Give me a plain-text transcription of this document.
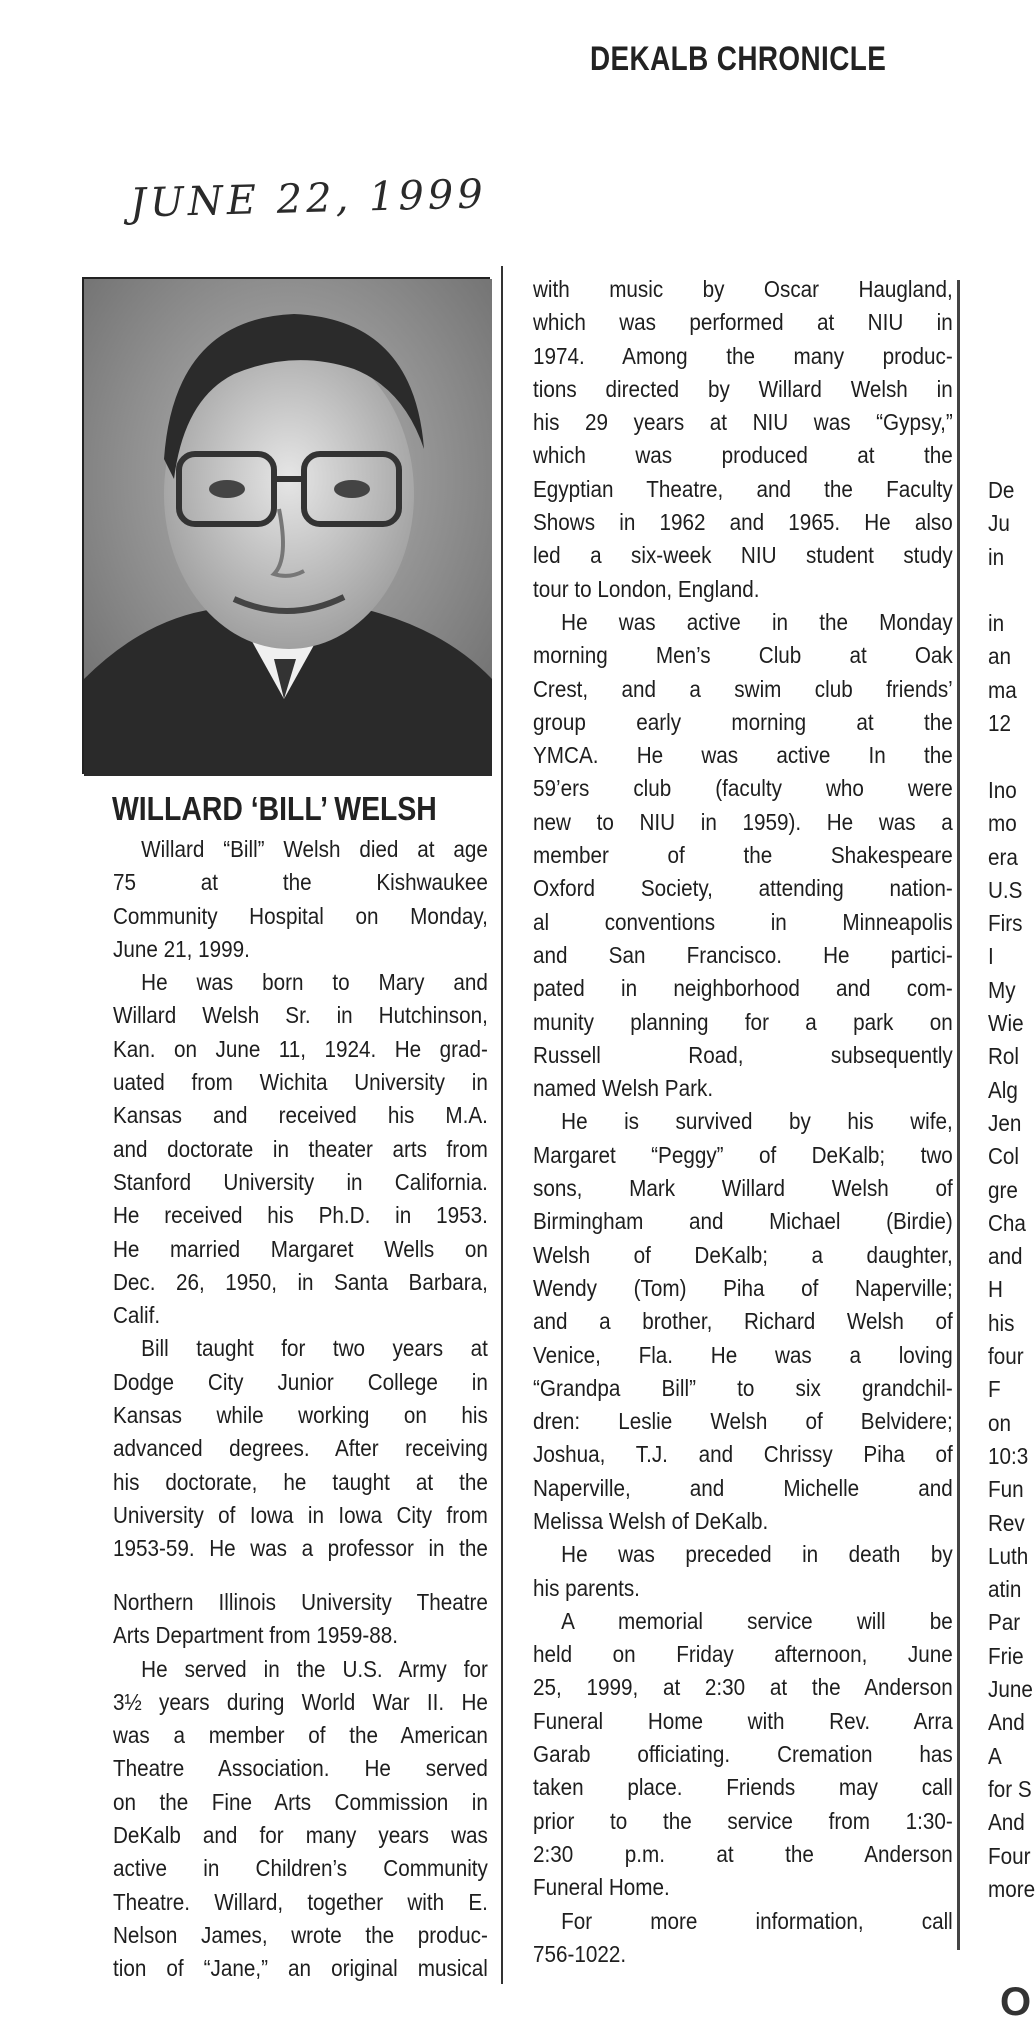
DEKALB CHRONICLE
JUNE 22, 1999
WILLARD ‘BILL’ WELSH
Willard “Bill” Welsh died at age
75 at the Kishwaukee
Community Hospital on Monday,
June 21, 1999.
He was born to Mary and
Willard Welsh Sr. in Hutchinson,
Kan. on June 11, 1924. He grad-
uated from Wichita University in
Kansas and received his M.A.
and doctorate in theater arts from
Stanford University in California.
He received his Ph.D. in 1953.
He married Margaret Wells on
Dec. 26, 1950, in Santa Barbara,
Calif.
Bill taught for two years at
Dodge City Junior College in
Kansas while working on his
advanced degrees. After receiving
his doctorate, he taught at the
University of Iowa in Iowa City from
1953-59. He was a professor in the
Northern Illinois University Theatre
Arts Department from 1959-88.
He served in the U.S. Army for
3½ years during World War II. He
was a member of the American
Theatre Association. He served
on the Fine Arts Commission in
DeKalb and for many years was
active in Children’s Community
Theatre. Willard, together with E.
Nelson James, wrote the produc-
tion of “Jane,” an original musical
with music by Oscar Haugland,
which was performed at NIU in
1974. Among the many produc-
tions directed by Willard Welsh in
his 29 years at NIU was “Gypsy,”
which was produced at the
Egyptian Theatre, and the Faculty
Shows in 1962 and 1965. He also
led a six-week NIU student study
tour to London, England.
He was active in the Monday
morning Men’s Club at Oak
Crest, and a swim club friends’
group early morning at the
YMCA. He was active In the
59’ers club (faculty who were
new to NIU in 1959). He was a
member of the Shakespeare
Oxford Society, attending nation-
al conventions in Minneapolis
and San Francisco. He partici-
pated in neighborhood and com-
munity planning for a park on
Russell Road, subsequently
named Welsh Park.
He is survived by his wife,
Margaret “Peggy” of DeKalb; two
sons, Mark Willard Welsh of
Birmingham and Michael (Birdie)
Welsh of DeKalb; a daughter,
Wendy (Tom) Piha of Naperville;
and a brother, Richard Welsh of
Venice, Fla. He was a loving
“Grandpa Bill” to six grandchil-
dren: Leslie Welsh of Belvidere;
Joshua, T.J. and Chrissy Piha of
Naperville, and Michelle and
Melissa Welsh of DeKalb.
He was preceded in death by
his parents.
A memorial service will be
held on Friday afternoon, June
25, 1999, at 2:30 at the Anderson
Funeral Home with Rev. Arra
Garab officiating. Cremation has
taken place. Friends may call
prior to the service from 1:30-
2:30 p.m. at the Anderson
Funeral Home.
For more information, call
756-1022.
De
Ju
in
in
an
ma
12
Ino
mo
era
U.S
Firs
I
My
Wie
Rol
Alg
Jen
Col
gre
Cha
and
H
his
four
F
on
10:3
Fun
Rev
Luth
atin
Par
Frie
June
And
A
for S
And
Four
more
O
